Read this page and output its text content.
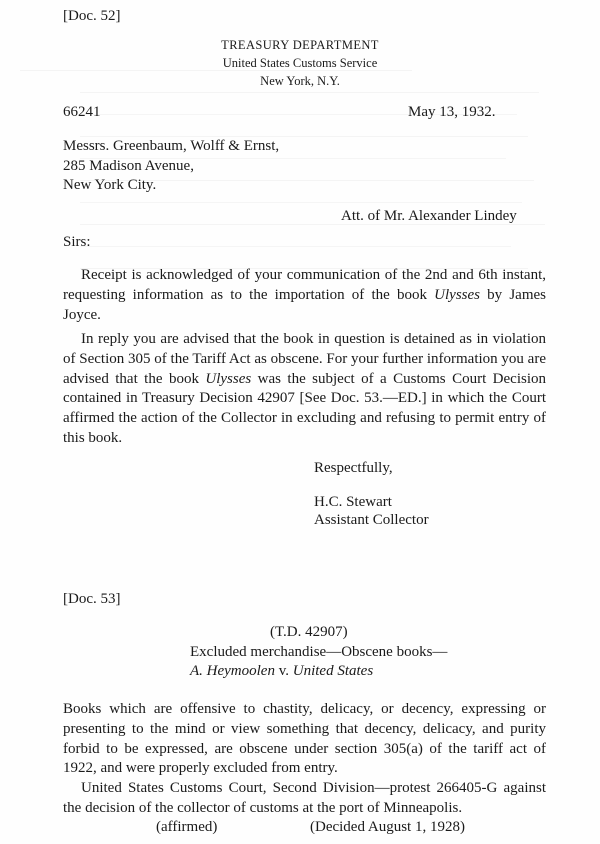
[Doc. 52]
TREASURY DEPARTMENT
United States Customs Service
New York, N.Y.
66241	May 13, 1932.
Messrs. Greenbaum, Wolff & Ernst,
285 Madison Avenue,
New York City.
Att. of Mr. Alexander Lindey
Sirs:
Receipt is acknowledged of your communication of the 2nd and 6th instant, requesting information as to the importation of the book Ulysses by James Joyce.
In reply you are advised that the book in question is detained as in violation of Section 305 of the Tariff Act as obscene. For your further information you are advised that the book Ulysses was the subject of a Customs Court Decision contained in Treasury Decision 42907 [See Doc. 53.—ED.] in which the Court affirmed the action of the Collector in excluding and refusing to permit entry of this book.
Respectfully,
H.C. Stewart
Assistant Collector
[Doc. 53]
(T.D. 42907)
Excluded merchandise—Obscene books—
A. Heymoolen v. United States
Books which are offensive to chastity, delicacy, or decency, expressing or presenting to the mind or view something that decency, delicacy, and purity forbid to be expressed, are obscene under section 305(a) of the tariff act of 1922, and were properly excluded from entry.
United States Customs Court, Second Division—protest 266405-G against the decision of the collector of customs at the port of Minneapolis.
(affirmed)	(Decided August 1, 1928)
